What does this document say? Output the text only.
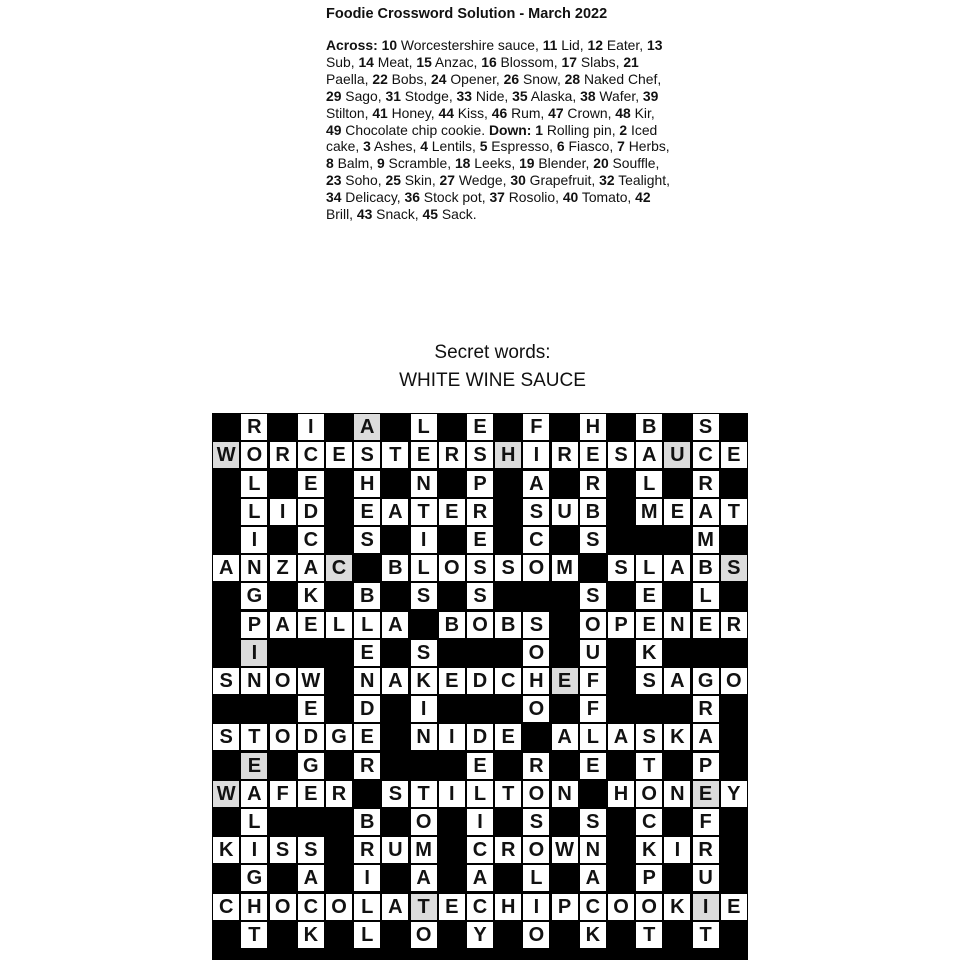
Foodie Crossword Solution - March 2022
Across: 10 Worcestershire sauce, 11 Lid, 12 Eater, 13 Sub, 14 Meat, 15 Anzac, 16 Blossom, 17 Slabs, 21 Paella, 22 Bobs, 24 Opener, 26 Snow, 28 Naked Chef, 29 Sago, 31 Stodge, 33 Nide, 35 Alaska, 38 Wafer, 39 Stilton, 41 Honey, 44 Kiss, 46 Rum, 47 Crown, 48 Kir, 49 Chocolate chip cookie. Down: 1 Rolling pin, 2 Iced cake, 3 Ashes, 4 Lentils, 5 Espresso, 6 Fiasco, 7 Herbs, 8 Balm, 9 Scramble, 18 Leeks, 19 Blender, 20 Souffle, 23 Soho, 25 Skin, 27 Wedge, 30 Grapefruit, 32 Tealight, 34 Delicacy, 36 Stock pot, 37 Rosolio, 40 Tomato, 42 Brill, 43 Snack, 45 Sack.
Secret words:
WHITE WINE SAUCE
R	I	A	L	E	F	H B	S
W O R C E S T E R S H I R E S A U C E
L	E	H N	P	A R	L	R
L I D	E A T E R	S U B M E A T
I	C	S	I	E	C	S	M
A N Z A C B L O S S O M	S L A B S
G K B	S	S	S	E	L
P A E L L A B O B S	O P E N E R
I	E	S	O U K
S N O W N A K E D C H E F	S A G O
E	D	I	O	F	R
S T O D G E	N I D E	A L A S K A
E	G R	E	R	E	T	P
W A F E R	S T I L T O N H O N E Y
L	B O	I	S	S	C	F
K I S S	R U M C R O W N K I R
G A	I	A A	L	A	P	U
C H O C O L A T E C H I P C O O K I E
T	K	L	O	Y	O K	T	T
